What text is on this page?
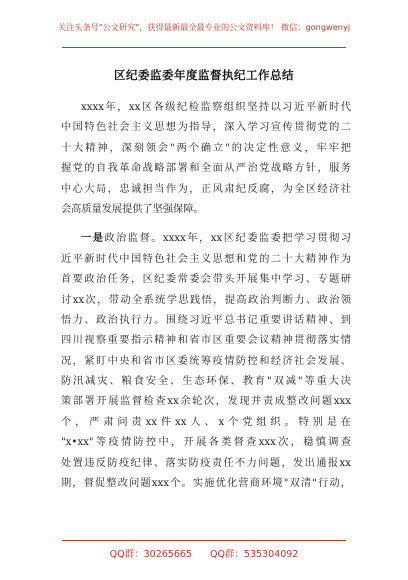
关注头条号"公文研究"，获得最新最全最专业的公文资料库！ 微信：gongwenyj
区纪委监委年度监督执纪工作总结
xxxx年，xx区各级纪检监察组织坚持以习近平新时代
中国特色社会主义思想为指导，深入学习宣传贯彻党的二
十大精神，深刻领会"两个确立"的决定性意义，牢牢把
握党的自我革命战略部署和全面从严治党战略方针，服务
中心大局，忠诚担当作为，正风肃纪反腐，为全区经济社
会高质量发展提供了坚强保障。
一是政治监督。xxxx年，xx区纪委监委把学习贯彻习
近平新时代中国特色社会主义思想和党的二十大精神作为
首要政治任务，区纪委常委会带头开展集中学习、专题研
讨xx次，带动全系统学思践悟，提高政治判断力、政治领
悟力、政治执行力。围绕习近平总书记重要讲话精神、到
四川视察重要指示精神和省市区重要会议精神贯彻落实情
况，紧盯中央和省市区委统筹疫情防控和经济社会发展、
防汛减灾、粮食安全、生态环保、教育"双减"等重大决
策部署开展监督检查xx余轮次，发现并责成整改问题xxx
个，严肃问责xx件xx人、x个党组织。特别是在
"x•xx"等疫情防控中，开展各类督查xxx次，稳慎调查
处置违反防疫纪律、落实防疫责任不力问题，发出通报xx
期，督促整改问题xxx个。实施优化营商环境"双清"行动，
QQ群：30265665 QQ群：535304092
